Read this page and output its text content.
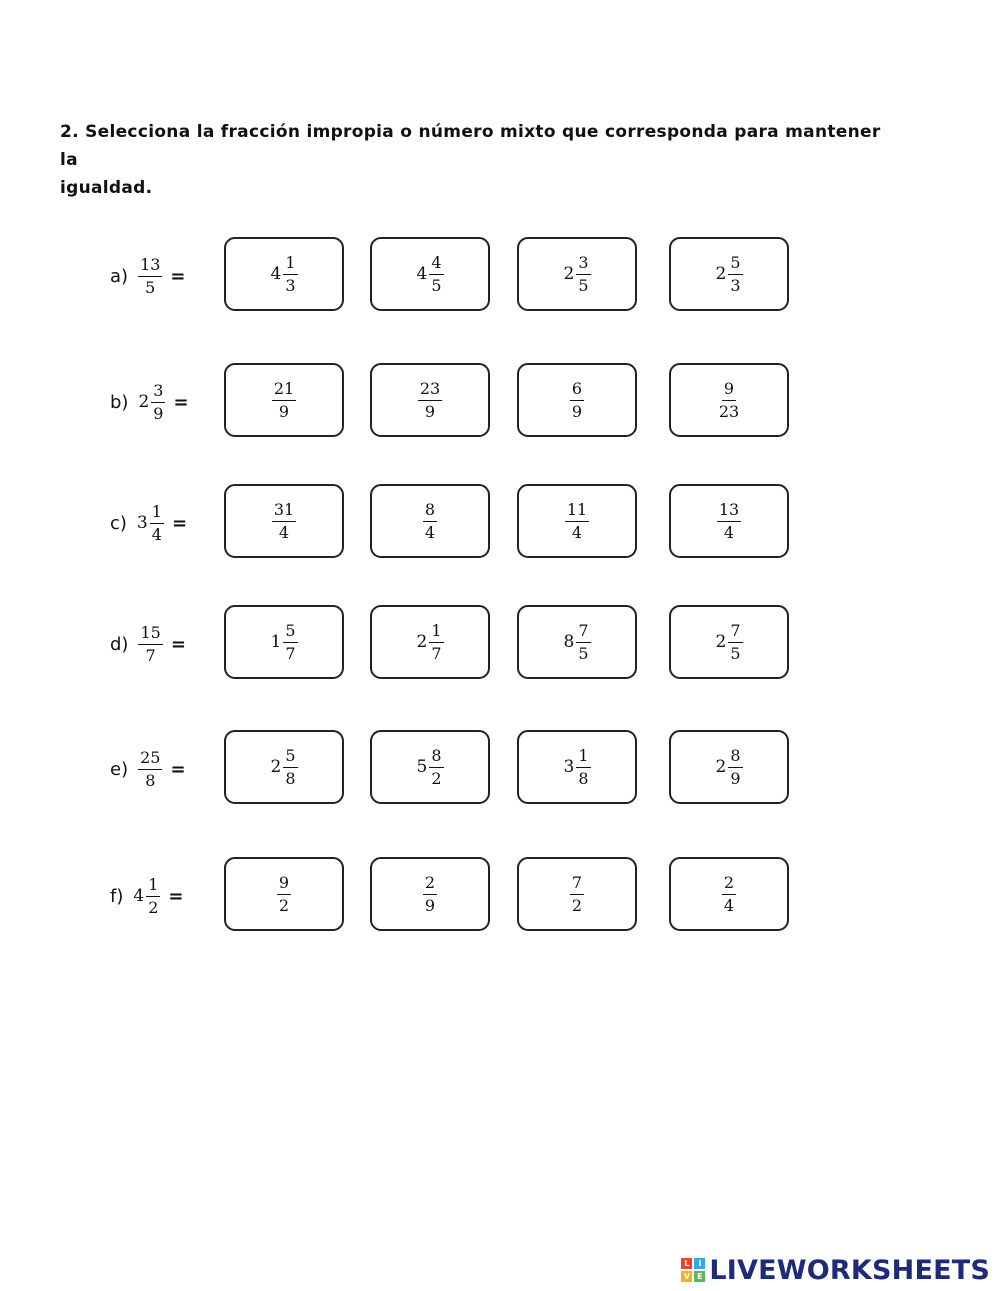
2. Selecciona la fracción impropia o número mixto que corresponda para mantener la
igualdad.
$a) \frac{13}{5}$ =	$4 \frac{1}{3}$	$4 \frac{4}{5}$	$2 \frac{3}{5}$	$2 \frac{5}{3}$
b) $2 \frac{3}{9}$ =	$\frac{21}{9}$	$\frac{23}{9}$	$\frac{6}{9}$	$\frac{9}{23}$
c) $3 \frac{1}{4}$ =	$\frac{31}{4}$	$\frac{8}{4}$	$\frac{11}{4}$	$\frac{13}{4}$
$d) \frac{15}{7}$ =	$1 \frac{5}{7}$	$2 \frac{1}{7}$	$8 \frac{7}{5}$	$2 \frac{7}{5}$
$e) \frac{25}{8}$ =	$2 \frac{5}{8}$	$5 \frac{8}{2}$	$3 \frac{1}{8}$	$2 \frac{8}{9}$
f) $4 \frac{1}{2}$ =	$\frac{9}{2}$	$\frac{2}{9}$	$\frac{7}{2}$	$\frac{2}{4}$
L	I
V E LIVEWORKSHEETS
